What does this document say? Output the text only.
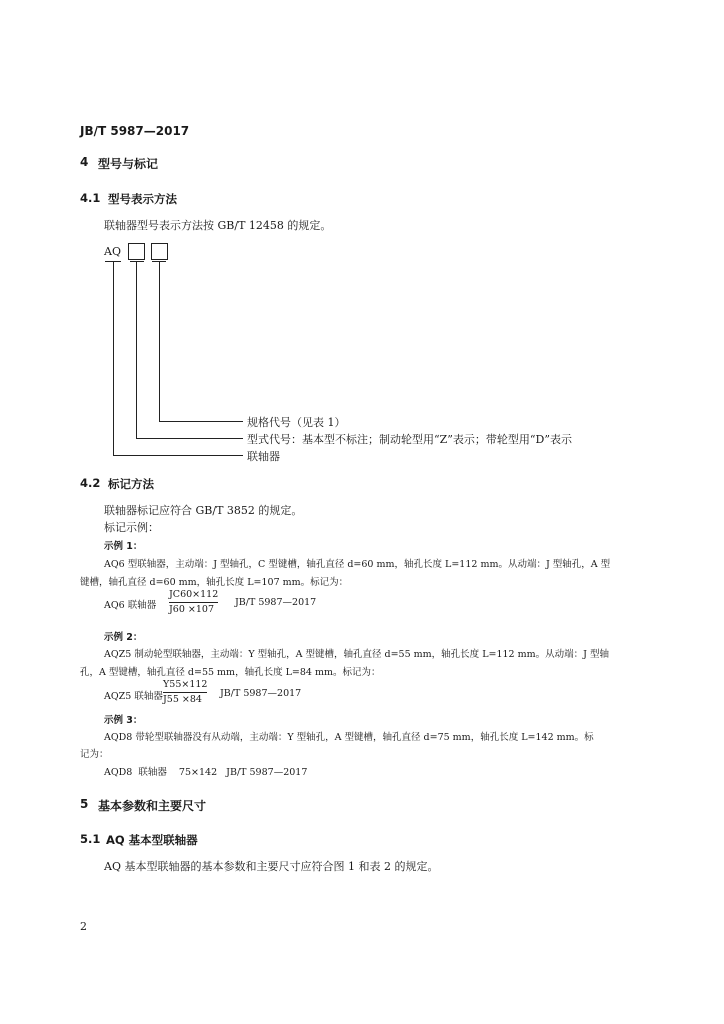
JB/T 5987—2017
4 型号与标记
4.1 型号表示方法
联轴器型号表示方法按 GB/T 12458 的规定。
AQ
规格代号（见表 1）
型式代号：基本型不标注；制动轮型用“Z”表示；带轮型用“D”表示
联轴器
4.2 标记方法
联轴器标记应符合 GB/T 3852 的规定。
标记示例：
示例 1：
AQ6 型联轴器，主动端：J 型轴孔，C 型键槽，轴孔直径 d=60 mm，轴孔长度 L=112 mm。从动端：J 型轴孔，A 型
键槽，轴孔直径 d=60 mm，轴孔长度 L=107 mm。标记为：
AQ6 联轴器
JC60×112
J60 ×107
JB/T 5987—2017
示例 2：
AQZ5 制动轮型联轴器，主动端：Y 型轴孔，A 型键槽，轴孔直径 d=55 mm，轴孔长度 L=112 mm。从动端：J 型轴
孔，A 型键槽，轴孔直径 d=55 mm，轴孔长度 L=84 mm。标记为：
AQZ5 联轴器
Y55×112
J55 ×84
JB/T 5987—2017
示例 3：
AQD8 带轮型联轴器没有从动端，主动端：Y 型轴孔，A 型键槽，轴孔直径 d=75 mm，轴孔长度 L=142 mm。标
记为：
AQD8  联轴器    75×142   JB/T 5987—2017
5 基本参数和主要尺寸
5.1 AQ 基本型联轴器
AQ 基本型联轴器的基本参数和主要尺寸应符合图 1 和表 2 的规定。
2
